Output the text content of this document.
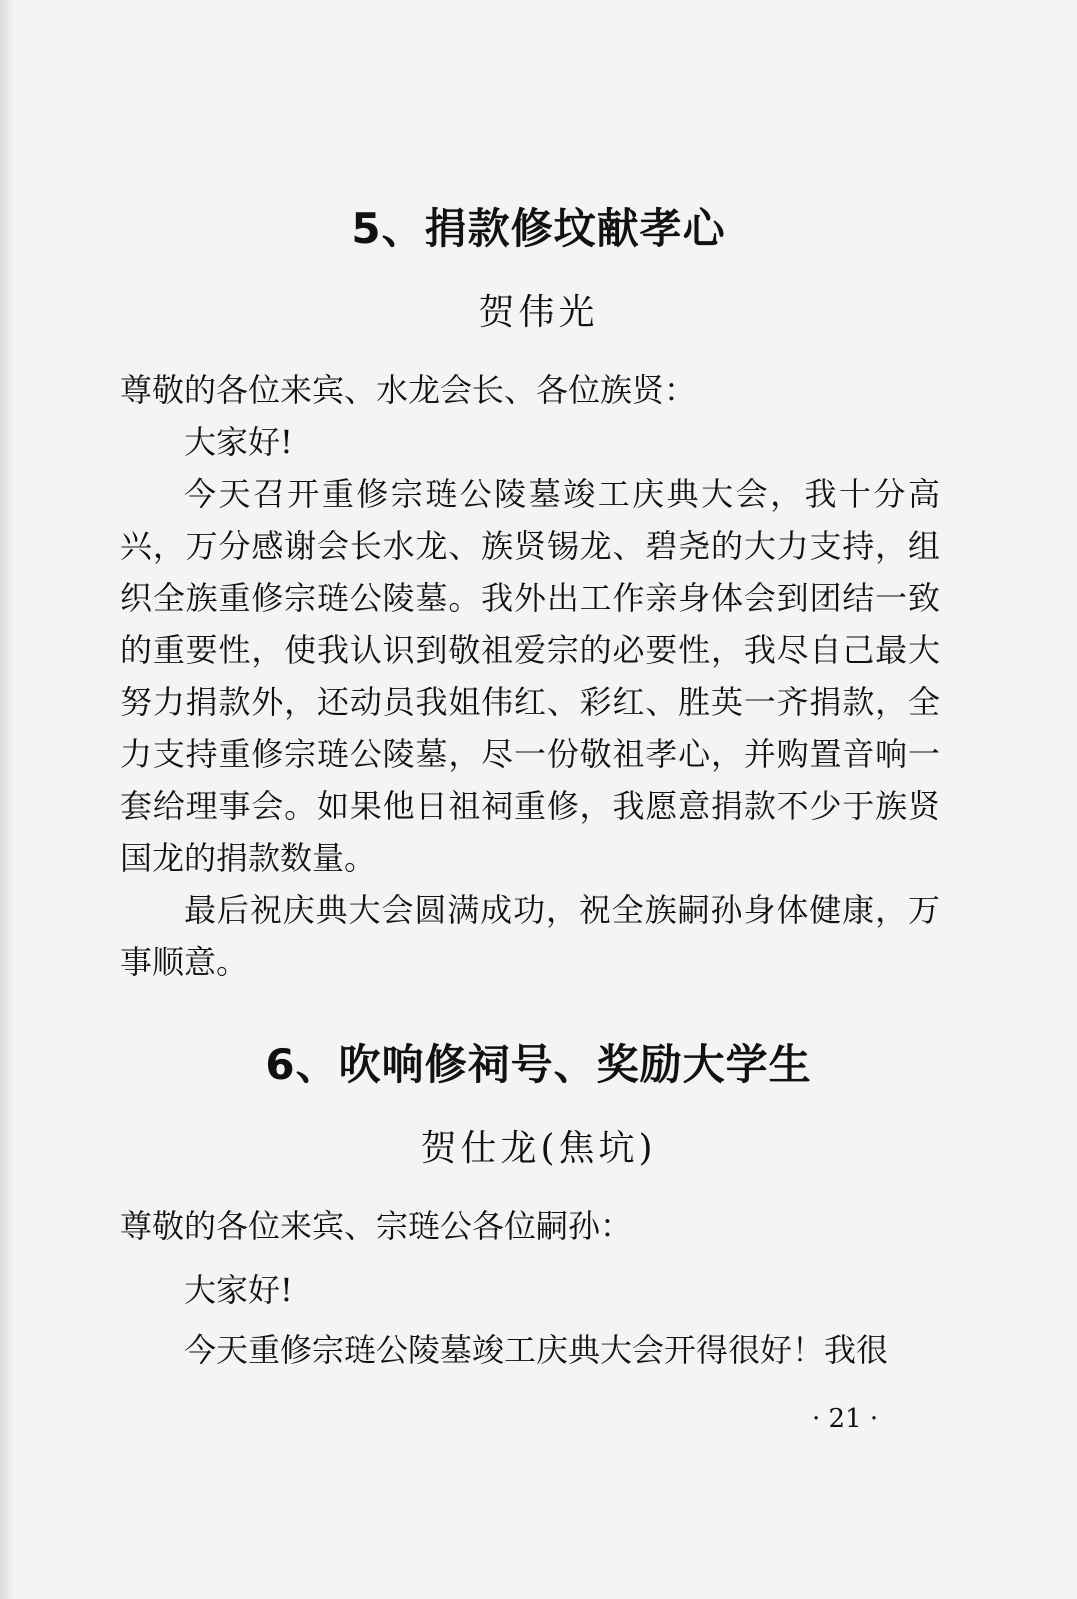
5、捐款修坟献孝心

贺伟光

尊敬的各位来宾、水龙会长、各位族贤：

大家好!

今天召开重修宗琏公陵墓竣工庆典大会，我十分高兴，万分感谢会长水龙、族贤锡龙、碧尧的大力支持，组织全族重修宗琏公陵墓。我外出工作亲身体会到团结一致的重要性，使我认识到敬祖爱宗的必要性，我尽自己最大努力捐款外，还动员我姐伟红、彩红、胜英一齐捐款，全力支持重修宗琏公陵墓，尽一份敬祖孝心，并购置音响一套给理事会。如果他日祖祠重修，我愿意捐款不少于族贤国龙的捐款数量。

最后祝庆典大会圆满成功，祝全族嗣孙身体健康，万事顺意。

6、吹响修祠号、奖励大学生

贺仕龙(焦坑)

尊敬的各位来宾、宗琏公各位嗣孙：

大家好!

今天重修宗琏公陵墓竣工庆典大会开得很好！我很

· 21 ·
